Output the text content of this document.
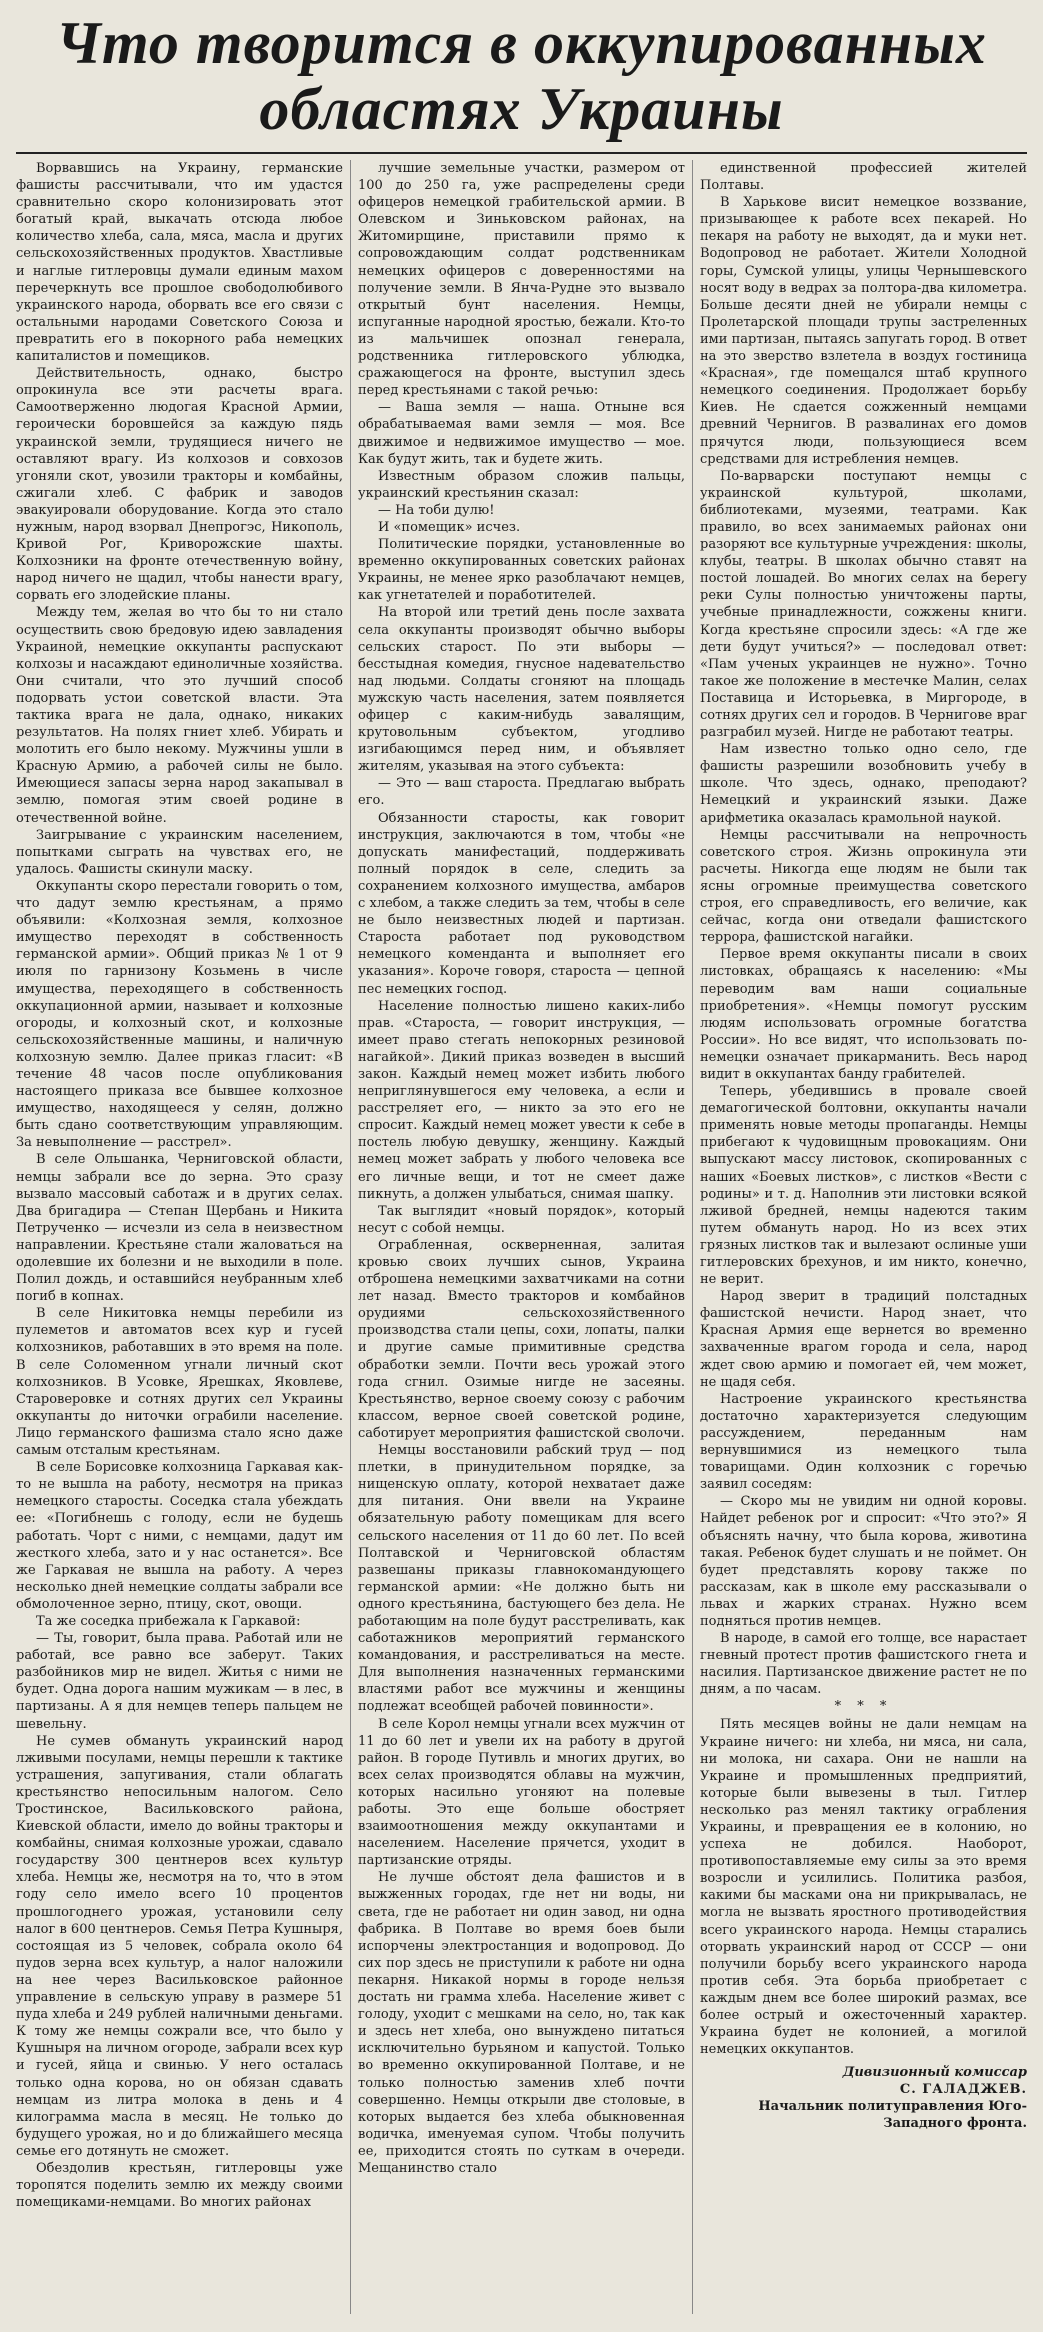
Что творится в оккупированных
областях Украины

Ворвавшись на Украину, германские фашисты рассчитывали, что им удастся сравнительно скоро колонизировать этот богатый край, выкачать отсюда любое количество хлеба, сала, мяса, масла и других сельскохозяйственных продуктов. Хвастливые и наглые гитлеровцы думали единым махом перечеркнуть все прошлое свободолюбивого украинского народа, оборвать все его связи с остальными народами Советского Союза и превратить его в покорного раба немецких капиталистов и помещиков.

Действительность, однако, быстро опрокинула все эти расчеты врага. Самоотверженно людогая Красной Армии, героически боровшейся за каждую пядь украинской земли, трудящиеся ничего не оставляют врагу. Из колхозов и совхозов угоняли скот, увозили тракторы и комбайны, сжигали хлеб. С фабрик и заводов эвакуировали оборудование. Когда это стало нужным, народ взорвал Днепрогэс, Никополь, Кривой Рог, Криворожские шахты. Колхозники на фронте отечественную войну, народ ничего не щадил, чтобы нанести врагу, сорвать его злодейские планы.

Между тем, желая во что бы то ни стало осуществить свою бредовую идею завладения Украиной, немецкие оккупанты распускают колхозы и насаждают единоличные хозяйства. Они считали, что это лучший способ подорвать устои советской власти. Эта тактика врага не дала, однако, никаких результатов. На полях гниет хлеб. Убирать и молотить его было некому. Мужчины ушли в Красную Армию, а рабочей силы не было. Имеющиеся запасы зерна народ закапывал в землю, помогая этим своей родине в отечественной войне.

Заигрывание с украинским населением, попытками сыграть на чувствах его, не удалось. Фашисты скинули маску.

Оккупанты скоро перестали говорить о том, что дадут землю крестьянам, а прямо объявили: «Колхозная земля, колхозное имущество переходят в собственность германской армии». Общий приказ № 1 от 9 июля по гарнизону Козьмень в числе имущества, переходящего в собственность оккупационной армии, называет и колхозные огороды, и колхозный скот, и колхозные сельскохозяйственные машины, и наличную колхозную землю. Далее приказ гласит: «В течение 48 часов после опубликования настоящего приказа все бывшее колхозное имущество, находящееся у селян, должно быть сдано соответствующим управляющим. За невыполнение — расстрел».

В селе Ольшанка, Черниговской области, немцы забрали все до зерна. Это сразу вызвало массовый саботаж и в других селах. Два бригадира — Степан Щербань и Никита Петрученко — исчезли из села в неизвестном направлении. Крестьяне стали жаловаться на одолевшие их болезни и не выходили в поле. Полил дождь, и оставшийся неубранным хлеб погиб в копнах.

В селе Никитовка немцы перебили из пулеметов и автоматов всех кур и гусей колхозников, работавших в это время на поле. В селе Соломенном угнали личный скот колхозников. В Усовке, Ярешках, Яковлеве, Староверовке и сотнях других сел Украины оккупанты до ниточки ограбили население. Лицо германского фашизма стало ясно даже самым отсталым крестьянам.

В селе Борисовке колхозница Гаркавая как-то не вышла на работу, несмотря на приказ немецкого старосты. Соседка стала убеждать ее: «Погибнешь с голоду, если не будешь работать. Чорт с ними, с немцами, дадут им жесткого хлеба, зато и у нас останется». Все же Гаркавая не вышла на работу. А через несколько дней немецкие солдаты забрали все обмолоченное зерно, птицу, скот, овощи.

Та же соседка прибежала к Гаркавой:

— Ты, говорит, была права. Работай или не работай, все равно все заберут. Таких разбойников мир не видел. Житья с ними не будет. Одна дорога нашим мужикам — в лес, в партизаны. А я для немцев теперь пальцем не шевельну.

Не сумев обмануть украинский народ лживыми посулами, немцы перешли к тактике устрашения, запугивания, стали облагать крестьянство непосильным налогом. Село Тростинское, Васильковского района, Киевской области, имело до войны тракторы и комбайны, снимая колхозные урожаи, сдавало государству 300 центнеров всех культур хлеба. Немцы же, несмотря на то, что в этом году село имело всего 10 процентов прошлогоднего урожая, установили селу налог в 600 центнеров. Семья Петра Кушныря, состоящая из 5 человек, собрала около 64 пудов зерна всех культур, а налог наложили на нее через Васильковское районное управление в сельскую управу в размере 51 пуда хлеба и 249 рублей наличными деньгами. К тому же немцы сожрали все, что было у Кушныря на личном огороде, забрали всех кур и гусей, яйца и свинью. У него осталась только одна корова, но он обязан сдавать немцам из литра молока в день и 4 килограмма масла в месяц. Не только до будущего урожая, но и до ближайшего месяца семье его дотянуть не сможет.

Обездолив крестьян, гитлеровцы уже торопятся поделить землю их между своими помещиками-немцами. Во многих районах

лучшие земельные участки, размером от 100 до 250 га, уже распределены среди офицеров немецкой грабительской армии. В Олевском и Зиньковском районах, на Житомирщине, приставили прямо к сопровождающим солдат родственникам немецких офицеров с доверенностями на получение земли. В Янча-Рудне это вызвало открытый бунт населения. Немцы, испуганные народной яростью, бежали. Кто-то из мальчишек опознал генерала, родственника гитлеровского ублюдка, сражающегося на фронте, выступил здесь перед крестьянами с такой речью:

— Ваша земля — наша. Отныне вся обрабатываемая вами земля — моя. Все движимое и недвижимое имущество — мое. Как будут жить, так и будете жить.

Известным образом сложив пальцы, украинский крестьянин сказал:

— На тоби дулю!

И «помещик» исчез.

Политические порядки, установленные во временно оккупированных советских районах Украины, не менее ярко разоблачают немцев, как угнетателей и поработителей.

На второй или третий день после захвата села оккупанты производят обычно выборы сельских старост. По эти выборы — бесстыдная комедия, гнусное надевательство над людьми. Солдаты сгоняют на площадь мужскую часть населения, затем появляется офицер с каким-нибудь завалящим, крутовольным субъектом, угодливо изгибающимся перед ним, и объявляет жителям, указывая на этого субъекта:

— Это — ваш староста. Предлагаю выбрать его.

Обязанности старосты, как говорит инструкция, заключаются в том, чтобы «не допускать манифестаций, поддерживать полный порядок в селе, следить за сохранением колхозного имущества, амбаров с хлебом, а также следить за тем, чтобы в селе не было неизвестных людей и партизан. Староста работает под руководством немецкого коменданта и выполняет его указания». Короче говоря, староста — цепной пес немецких господ.

Население полностью лишено каких-либо прав. «Староста, — говорит инструкция, — имеет право стегать непокорных резиновой нагайкой». Дикий приказ возведен в высший закон. Каждый немец может избить любого неприглянувшегося ему человека, а если и расстреляет его, — никто за это его не спросит. Каждый немец может увести к себе в постель любую девушку, женщину. Каждый немец может забрать у любого человека все его личные вещи, и тот не смеет даже пикнуть, а должен улыбаться, снимая шапку.

Так выглядит «новый порядок», который несут с собой немцы.

Ограбленная, оскверненная, залитая кровью своих лучших сынов, Украина отброшена немецкими захватчиками на сотни лет назад. Вместо тракторов и комбайнов орудиями сельскохозяйственного производства стали цепы, сохи, лопаты, палки и другие самые примитивные средства обработки земли. Почти весь урожай этого года сгнил. Озимые нигде не засеяны. Крестьянство, верное своему союзу с рабочим классом, верное своей советской родине, саботирует мероприятия фашистской сволочи.

Немцы восстановили рабский труд — под плетки, в принудительном порядке, за нищенскую оплату, которой нехватает даже для питания. Они ввели на Украине обязательную работу помещикам для всего сельского населения от 11 до 60 лет. По всей Полтавской и Черниговской областям развешаны приказы главнокомандующего германской армии: «Не должно быть ни одного крестьянина, бастующего без дела. Не работающим на поле будут расстреливать, как саботажников мероприятий германского командования, и расстреливаться на месте. Для выполнения назначенных германскими властями работ все мужчины и женщины подлежат всеобщей рабочей повинности».

В селе Корол немцы угнали всех мужчин от 11 до 60 лет и увели их на работу в другой район. В городе Путивль и многих других, во всех селах производятся облавы на мужчин, которых насильно угоняют на полевые работы. Это еще больше обостряет взаимоотношения между оккупантами и населением. Население прячется, уходит в партизанские отряды.

Не лучше обстоят дела фашистов и в выжженных городах, где нет ни воды, ни света, где не работает ни один завод, ни одна фабрика. В Полтаве во время боев были испорчены электростанция и водопровод. До сих пор здесь не приступили к работе ни одна пекарня. Никакой нормы в городе нельзя достать ни грамма хлеба. Население живет с голоду, уходит с мешками на село, но, так как и здесь нет хлеба, оно вынуждено питаться исключительно бурьяном и капустой. Только во временно оккупированной Полтаве, и не только полностью заменив хлеб почти совершенно. Немцы открыли две столовые, в которых выдается без хлеба обыкновенная водичка, именуемая супом. Чтобы получить ее, приходится стоять по суткам в очереди. Мещанинство стало

единственной профессией жителей Полтавы.

В Харькове висит немецкое воззвание, призывающее к работе всех пекарей. Но пекаря на работу не выходят, да и муки нет. Водопровод не работает. Жители Холодной горы, Сумской улицы, улицы Чернышевского носят воду в ведрах за полтора-два километра. Больше десяти дней не убирали немцы с Пролетарской площади трупы застреленных ими партизан, пытаясь запугать город. В ответ на это зверство взлетела в воздух гостиница «Красная», где помещался штаб крупного немецкого соединения. Продолжает борьбу Киев. Не сдается сожженный немцами древний Чернигов. В развалинах его домов прячутся люди, пользующиеся всем средствами для истребления немцев.

По-варварски поступают немцы с украинской культурой, школами, библиотеками, музеями, театрами. Как правило, во всех занимаемых районах они разоряют все культурные учреждения: школы, клубы, театры. В школах обычно ставят на постой лошадей. Во многих селах на берегу реки Сулы полностью уничтожены парты, учебные принадлежности, сожжены книги. Когда крестьяне спросили здесь: «А где же дети будут учиться?» — последовал ответ: «Пам ученых украинцев не нужно». Точно такое же положение в местечке Малин, селах Поставица и Исторьевка, в Миргороде, в сотнях других сел и городов. В Чернигове враг разграбил музей. Нигде не работают театры.

Нам известно только одно село, где фашисты разрешили возобновить учебу в школе. Что здесь, однако, преподают? Немецкий и украинский языки. Даже арифметика оказалась крамольной наукой.

Немцы рассчитывали на непрочность советского строя. Жизнь опрокинула эти расчеты. Никогда еще людям не были так ясны огромные преимущества советского строя, его справедливость, его величие, как сейчас, когда они отведали фашистского террора, фашистской нагайки.

Первое время оккупанты писали в своих листовках, обращаясь к населению: «Мы переводим вам наши социальные приобретения». «Немцы помогут русским людям использовать огромные богатства России». Но все видят, что использовать по-немецки означает прикарманить. Весь народ видит в оккупантах банду грабителей.

Теперь, убедившись в провале своей демагогической болтовни, оккупанты начали применять новые методы пропаганды. Немцы прибегают к чудовищным провокациям. Они выпускают массу листовок, скопированных с наших «Боевых листков», с листков «Вести с родины» и т. д. Наполнив эти листовки всякой лживой бредней, немцы надеются таким путем обмануть народ. Но из всех этих грязных листков так и вылезают ослиные уши гитлеровских брехунов, и им никто, конечно, не верит.

Народ зверит в традиций полстадных фашистской нечисти. Народ знает, что Красная Армия еще вернется во временно захваченные врагом города и села, народ ждет свою армию и помогает ей, чем может, не щадя себя.

Настроение украинского крестьянства достаточно характеризуется следующим рассуждением, переданным нам вернувшимися из немецкого тыла товарищами. Один колхозник с горечью заявил соседям:

— Скоро мы не увидим ни одной коровы. Найдет ребенок рог и спросит: «Что это?» Я объяснять начну, что была корова, животина такая. Ребенок будет слушать и не поймет. Он будет представлять корову также по рассказам, как в школе ему рассказывали о львах и жарких странах. Нужно всем подняться против немцев.

В народе, в самой его толще, все нарастает гневный протест против фашистского гнета и насилия. Партизанское движение растет не по дням, а по часам.

* * *

Пять месяцев войны не дали немцам на Украине ничего: ни хлеба, ни мяса, ни сала, ни молока, ни сахара. Они не нашли на Украине и промышленных предприятий, которые были вывезены в тыл. Гитлер несколько раз менял тактику ограбления Украины, и превращения ее в колонию, но успеха не добился. Наоборот, противопоставляемые ему силы за это время возросли и усилились. Политика разбоя, какими бы масками она ни прикрывалась, не могла не вызвать яростного противодействия всего украинского народа. Немцы старались оторвать украинский народ от СССР — они получили борьбу всего украинского народа против себя. Эта борьба приобретает с каждым днем все более широкий размах, все более острый и ожесточенный характер. Украина будет не колонией, а могилой немецких оккупантов.

Дивизионный комиссар
С. ГАЛАДЖЕВ.
Начальник политуправления Юго-Западного фронта.
